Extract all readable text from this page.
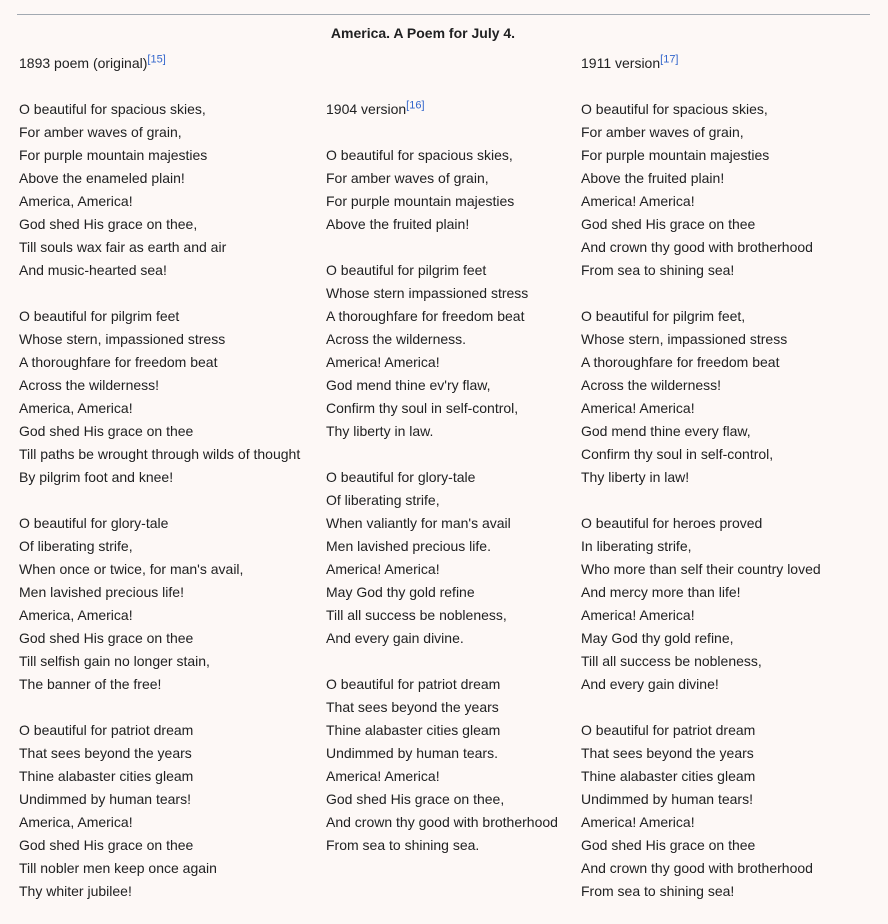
America. A Poem for July 4.
1893 poem (original)[15]
O beautiful for spacious skies,
For amber waves of grain,
For purple mountain majesties
Above the enameled plain!
America, America!
God shed His grace on thee,
Till souls wax fair as earth and air
And music-hearted sea!
O beautiful for pilgrim feet
Whose stern, impassioned stress
A thoroughfare for freedom beat
Across the wilderness!
America, America!
God shed His grace on thee
Till paths be wrought through wilds of thought
By pilgrim foot and knee!
O beautiful for glory-tale
Of liberating strife,
When once or twice, for man's avail,
Men lavished precious life!
America, America!
God shed His grace on thee
Till selfish gain no longer stain,
The banner of the free!
O beautiful for patriot dream
That sees beyond the years
Thine alabaster cities gleam
Undimmed by human tears!
America, America!
God shed His grace on thee
Till nobler men keep once again
Thy whiter jubilee!
1904 version[16]
O beautiful for spacious skies,
For amber waves of grain,
For purple mountain majesties
Above the fruited plain!
O beautiful for pilgrim feet
Whose stern impassioned stress
A thoroughfare for freedom beat
Across the wilderness.
America! America!
God mend thine ev'ry flaw,
Confirm thy soul in self-control,
Thy liberty in law.
O beautiful for glory-tale
Of liberating strife,
When valiantly for man's avail
Men lavished precious life.
America! America!
May God thy gold refine
Till all success be nobleness,
And every gain divine.
O beautiful for patriot dream
That sees beyond the years
Thine alabaster cities gleam
Undimmed by human tears.
America! America!
God shed His grace on thee,
And crown thy good with brotherhood
From sea to shining sea.
1911 version[17]
O beautiful for spacious skies,
For amber waves of grain,
For purple mountain majesties
Above the fruited plain!
America! America!
God shed His grace on thee
And crown thy good with brotherhood
From sea to shining sea!
O beautiful for pilgrim feet,
Whose stern, impassioned stress
A thoroughfare for freedom beat
Across the wilderness!
America! America!
God mend thine every flaw,
Confirm thy soul in self-control,
Thy liberty in law!
O beautiful for heroes proved
In liberating strife,
Who more than self their country loved
And mercy more than life!
America! America!
May God thy gold refine,
Till all success be nobleness,
And every gain divine!
O beautiful for patriot dream
That sees beyond the years
Thine alabaster cities gleam
Undimmed by human tears!
America! America!
God shed His grace on thee
And crown thy good with brotherhood
From sea to shining sea!
